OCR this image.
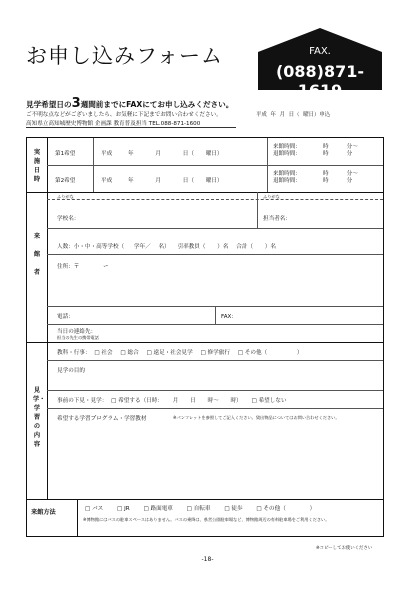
お申し込みフォーム	FAX.
(088)871-1619
見学希望日の3週間前までにFAXにてお申し込みください。
ご不明な点などがございましたら、お気軽に下記までお問い合わせください。
高知県立高知城歴史博物館 企画課 教育普及担当 TEL.088-871-1600
平成 年 月 日（ 曜日）申込
実施日時
第1希望	平成	年	月	日（ 曜日）
来館時間：	時	分～
退館時間：	時	分
第2希望	平成	年	月	日（ 曜日）
来館時間：	時	分～
退館時間：	時	分
来館者
ふりがな	ふりがな
学校名：	担当者名：
人数：小・中・高等学校（ 学年／ 名） 引率教員（ ）名 合計（ ）名
住所：〒	ー
電話：	FAX：
当日の連絡先：
担当の先生の携帯電話
見学・学習の内容
教科・行事： □ 社会 □ 総合 □ 遠足・社会見学 □ 修学旅行 □ その他（	）
見学の目的
事前の下見・見学： □ 希望する（日時： 月 日 時～ 時） □ 希望しない
希望する学習プログラム・学習教材	※パンフレットを参照してご記入ください。貸出物品についてはお問い合わせください。
来館方法	□ バス □ JR □ 路面電車 □ 自転車 □ 徒歩 □ その他（	）
※博物館にはバスの駐車スペースはありません。バスの乗降は、県営公園駐車場など、博物館周辺の有料駐車場をご利用ください。
※コピーしてお使いください
-18-
